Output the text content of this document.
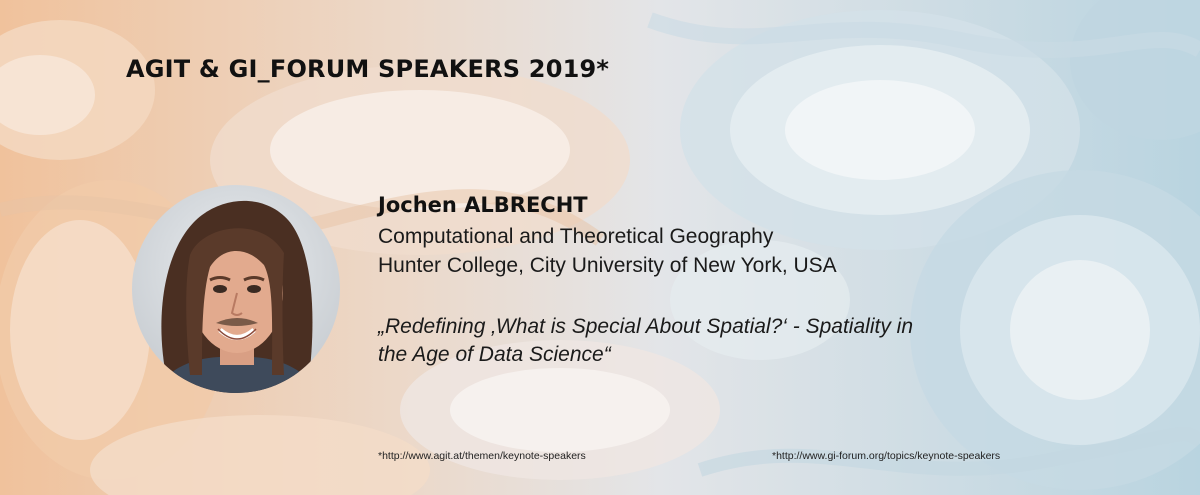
AGIT & GI_FORUM SPEAKERS 2019*
Jochen ALBRECHT
Computational and Theoretical Geography
Hunter College, City University of New York, USA
„Redefining ‚What is Special About Spatial?‘ - Spatiality in
the Age of Data Science“
*http://www.agit.at/themen/keynote-speakers	*http://www.gi-forum.org/topics/keynote-speakers
